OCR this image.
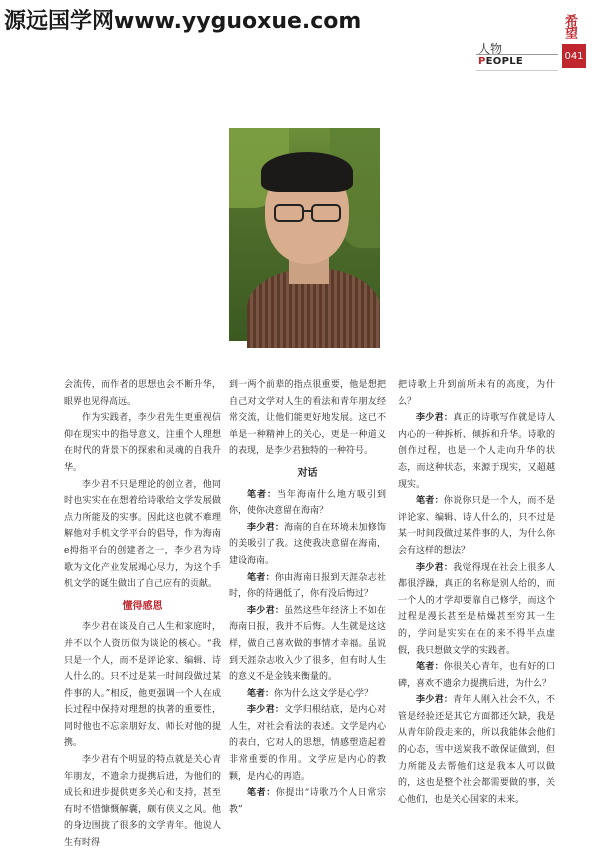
源远国学网www.yyguoxue.com	希望
人物
PEOPLE	041

会流传，而作者的思想也会不断升华，眼界也见得高远。

作为实践者，李少君先生更重视信仰在现实中的指导意义，注重个人理想在时代的背景下的探索和灵魂的自我升华。

李少君不只是理论的创立者，他同时也实实在在想着给诗歌给文学发展做点力所能及的实事。因此这也就不难理解他对手机文学平台的倡导，作为海南e拇指平台的创建者之一，李少君为诗歌为文化产业发展竭心尽力，为这个手机文学的诞生做出了自己应有的贡献。

懂得感恩

李少君在谈及自己人生和家庭时，并不以个人资历似为谈论的核心。“我只是一个人，而不是评论家、编辑、诗人什么的。只不过是某一时间段做过某件事的人。”相反，他更强调一个人在成长过程中保持对理想的执著的重要性，同时他也不忘亲朋好友、师长对他的提携。

李少君有个明显的特点就是关心青年朋友，不遗余力提携后进，为他们的成长和进步提供更多关心和支持，甚至有时不惜慷慨解囊，颇有侠义之风。他的身边围拢了很多的文学青年。他说人生有时得

到一两个前辈的指点很重要，他是想把自己对文学对人生的看法和青年朋友经常交流，让他们能更好地发展。这已不单是一种精神上的关心，更是一种道义的表现，是李少君独特的一种符号。

对话

笔者：当年海南什么地方吸引到你，使你决意留在海南？

李少君：海南的自在环境未加修饰的美吸引了我。这使我决意留在海南，建设海南。

笔者：你由海南日报到天涯杂志社时，你的待遇低了，你有没后悔过？

李少君：虽然这些年经济上不如在海南日报，我并不后悔。人生就是这这样，做自己喜欢做的事情才幸福。虽说到天涯杂志收入少了很多，但有时人生的意义不是金钱来衡量的。

笔者：你为什么这文学是心学？

李少君：文学归根结底，是内心对人生，对社会看法的表述。文学是内心的表白，它对人的思想，情感塑造起着非常重要的作用。文学应是内心的教颗，是内心的再造。

笔者：你提出“诗歌乃个人日常宗教”

把诗歌上升到前所未有的高度，为什么？

李少君：真正的诗歌写作就是诗人内心的一种拆析、倾拆和升华。诗歌的创作过程，也是一个人走向升华的状态，而这种状态，来源于现实，又超越现实。

笔者：你说你只是一个人，而不是评论家、编辑、诗人什么的，只不过是某一时间段做过某件事的人，为什么你会有这样的想法？

李少君：我觉得现在社会上很多人都很浮躁，真正的名称是别人给的，而一个人的才学却要靠自己修学，而这个过程是漫长甚至是枯燥甚至穷其一生的，学问是实实在在的来不得半点虚假，我只想做文学的实践者。

笔者：你很关心青年，也有好的口碑，喜欢不遗余力提携后进，为什么？

李少君：青年人刚入社会不久，不管是经验还是其它方面都还欠缺，我是从青年阶段走来的，所以我能体会他们的心态，雪中送炭我不敢保证做到，但力所能及去帮他们这是我本人可以做的，这也是整个社会都需要做的事，关心他们，也是关心国家的未来。
